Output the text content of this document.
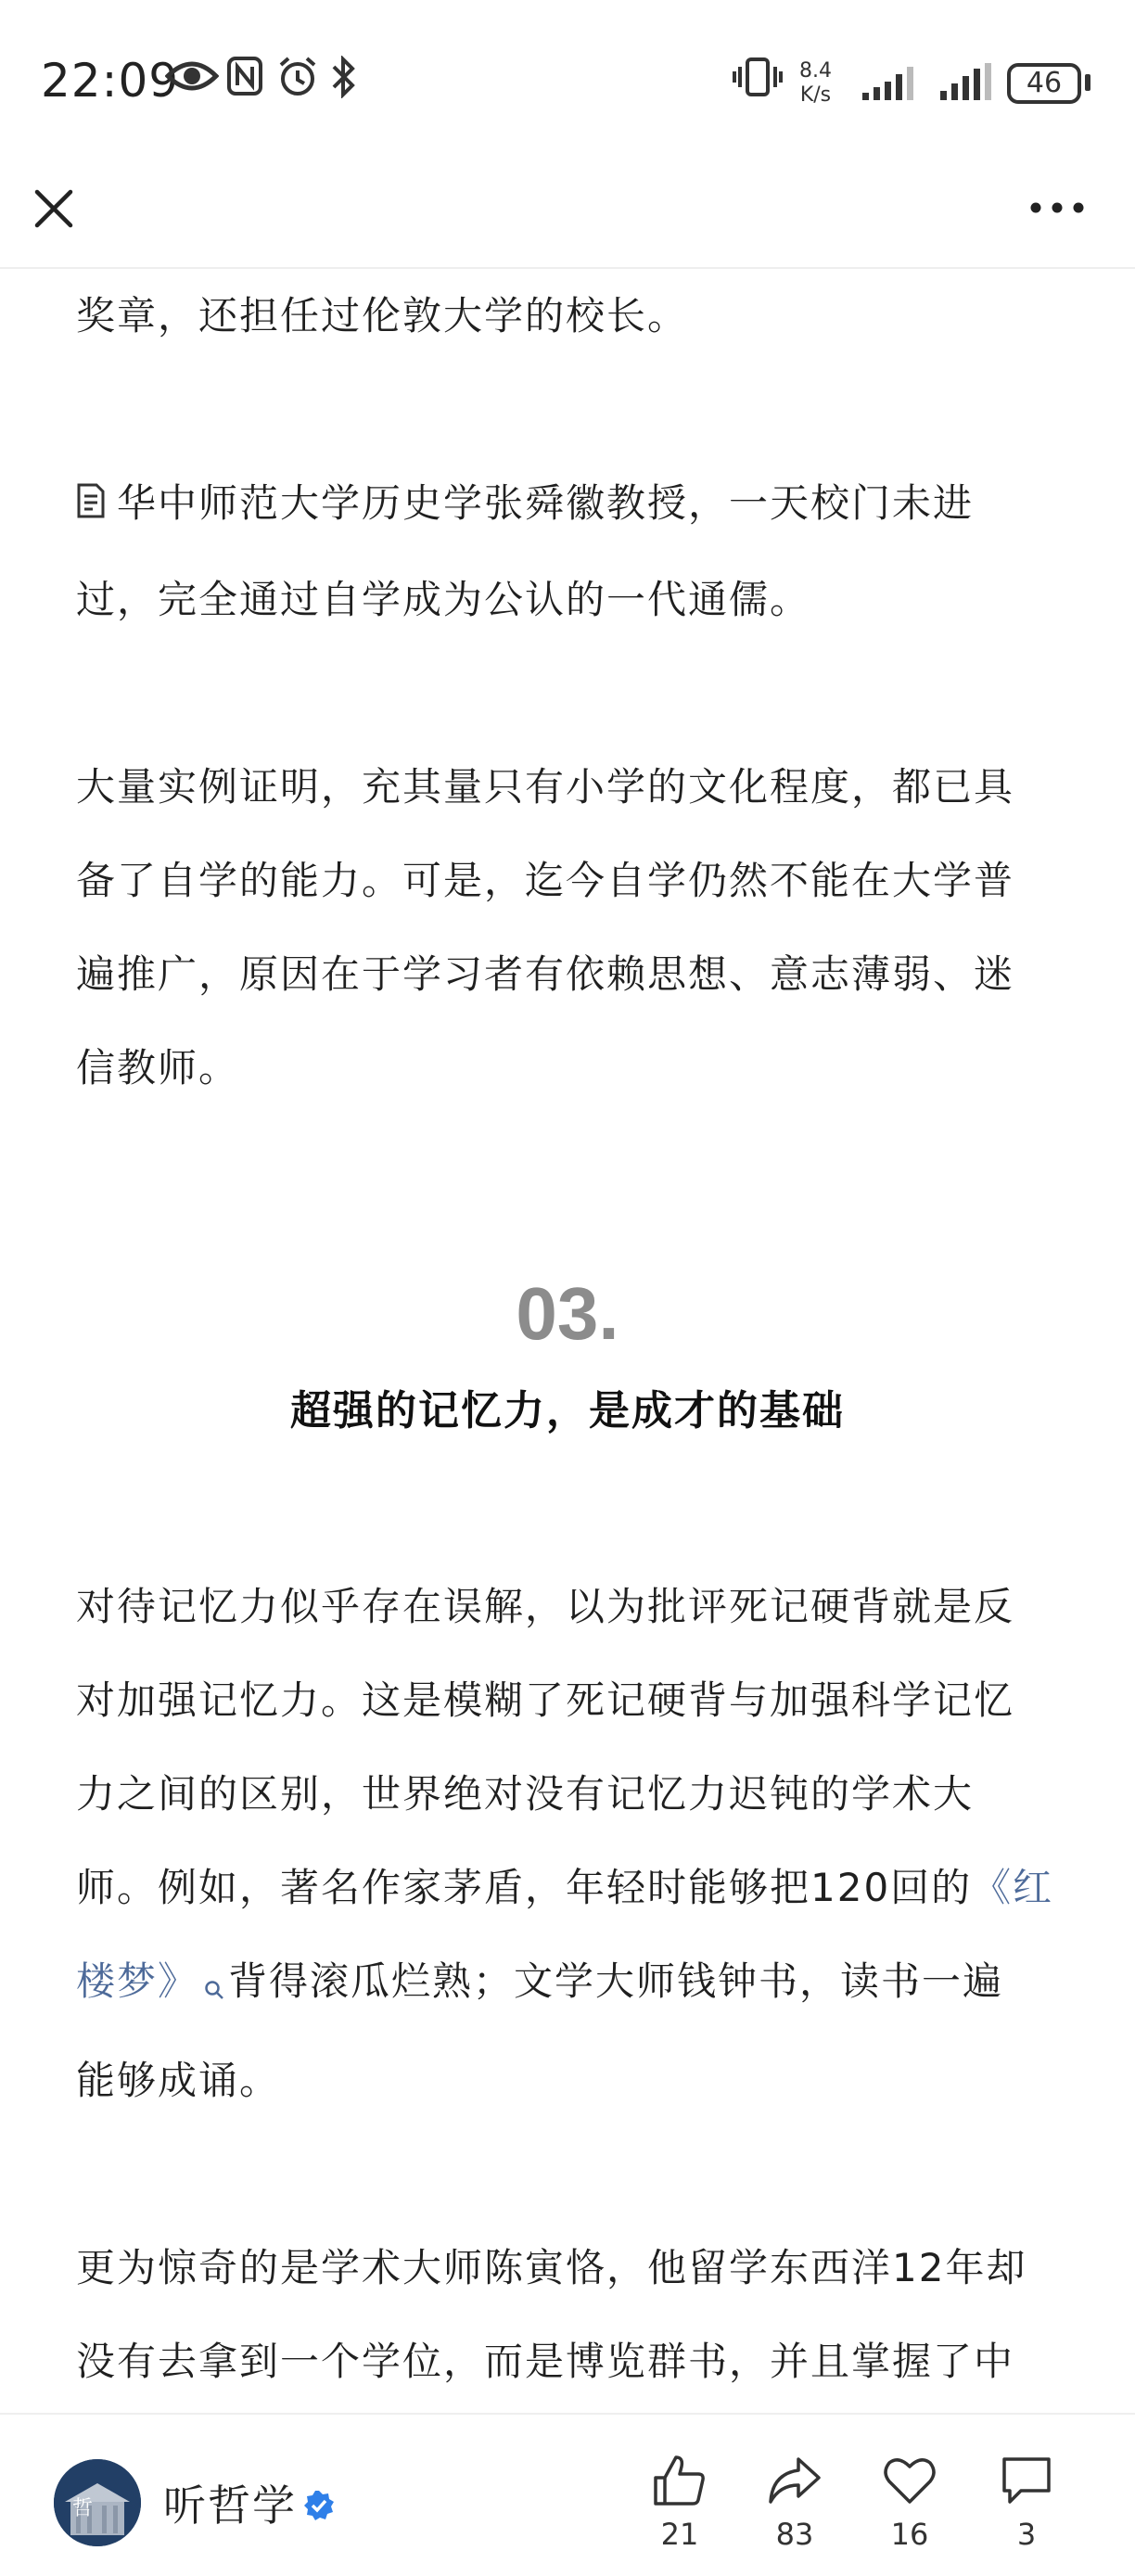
22:09	8.4
K/s	46

奖章，还担任过伦敦大学的校长。

华中师范大学历史学张舜徽教授，一天校门未进
过，完全通过自学成为公认的一代通儒。

大量实例证明，充其量只有小学的文化程度，都已具
备了自学的能力。可是，迄今自学仍然不能在大学普
遍推广，原因在于学习者有依赖思想、意志薄弱、迷
信教师。

03.

超强的记忆力，是成才的基础

对待记忆力似乎存在误解，以为批评死记硬背就是反
对加强记忆力。这是模糊了死记硬背与加强科学记忆
力之间的区别，世界绝对没有记忆力迟钝的学术大
师。例如，著名作家茅盾，年轻时能够把120回的《红
楼梦》 背得滚瓜烂熟；文学大师钱钟书，读书一遍
能够成诵。

更为惊奇的是学术大师陈寅恪，他留学东西洋12年却
没有去拿到一个学位，而是博览群书，并且掌握了中

哲 听哲学
21	83	16	3
